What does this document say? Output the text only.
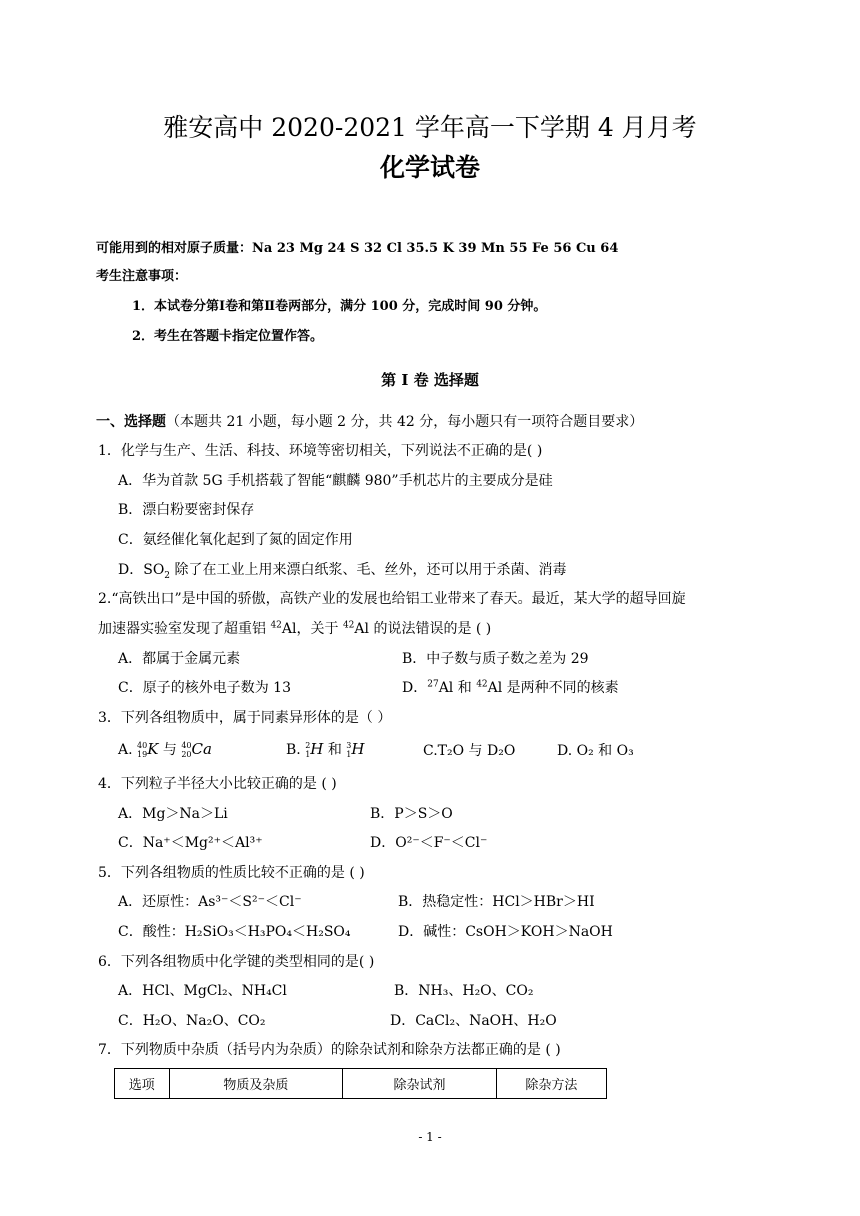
雅安高中 2020-2021 学年高一下学期 4 月月考
化学试卷
可能用到的相对原子质量：Na 23 Mg 24 S 32 Cl 35.5 K 39 Mn 55 Fe 56 Cu 64
考生注意事项：
1．本试卷分第Ⅰ卷和第Ⅱ卷两部分，满分 100 分，完成时间 90 分钟。
2．考生在答题卡指定位置作答。
第 Ⅰ 卷 选择题
一、选择题（本题共 21 小题，每小题 2 分，共 42 分，每小题只有一项符合题目要求）
1．化学与生产、生活、科技、环境等密切相关，下列说法不正确的是( )
A．华为首款 5G 手机搭载了智能“麒麟 980”手机芯片的主要成分是硅
B．漂白粉要密封保存
C．氨经催化氧化起到了氮的固定作用
D．$SO_2$ 除了在工业上用来漂白纸浆、毛、丝外，还可以用于杀菌、消毒
2.“高铁出口”是中国的骄傲，高铁产业的发展也给铝工业带来了春天。最近，某大学的超导回旋
加速器实验室发现了超重铝 $^{42}$Al，关于 $^{42}$Al 的说法错误的是 ( )
A．都属于金属元素	B．中子数与质子数之差为 29
C．原子的核外电子数为 13	D．$^{27}$Al 和 $^{42}$Al 是两种不同的核素
3．下列各组物质中，属于同素异形体的是（ ）
A. 40
19 K 与 40
20 Ca	B. 2
1 H 和 3
1 H	C.T₂O 与 D₂O	D. O₂ 和 O₃
4．下列粒子半径大小比较正确的是 ( )
A．Mg＞Na＞Li	B．P＞S＞O
C．Na⁺＜Mg²⁺＜Al³⁺	D．O²⁻＜F⁻＜Cl⁻
5．下列各组物质的性质比较不正确的是 ( )
A．还原性：As³⁻＜S²⁻＜Cl⁻	B．热稳定性：HCl＞HBr＞HI
C．酸性：H₂SiO₃＜H₃PO₄＜H₂SO₄	D．碱性：CsOH＞KOH＞NaOH
6．下列各组物质中化学键的类型相同的是( )
A．HCl、MgCl₂、NH₄Cl	B．NH₃、H₂O、CO₂
C．H₂O、Na₂O、CO₂	D．CaCl₂、NaOH、H₂O
7．下列物质中杂质（括号内为杂质）的除杂试剂和除杂方法都正确的是 ( )
选项	物质及杂质	除杂试剂	除杂方法
- 1 -
